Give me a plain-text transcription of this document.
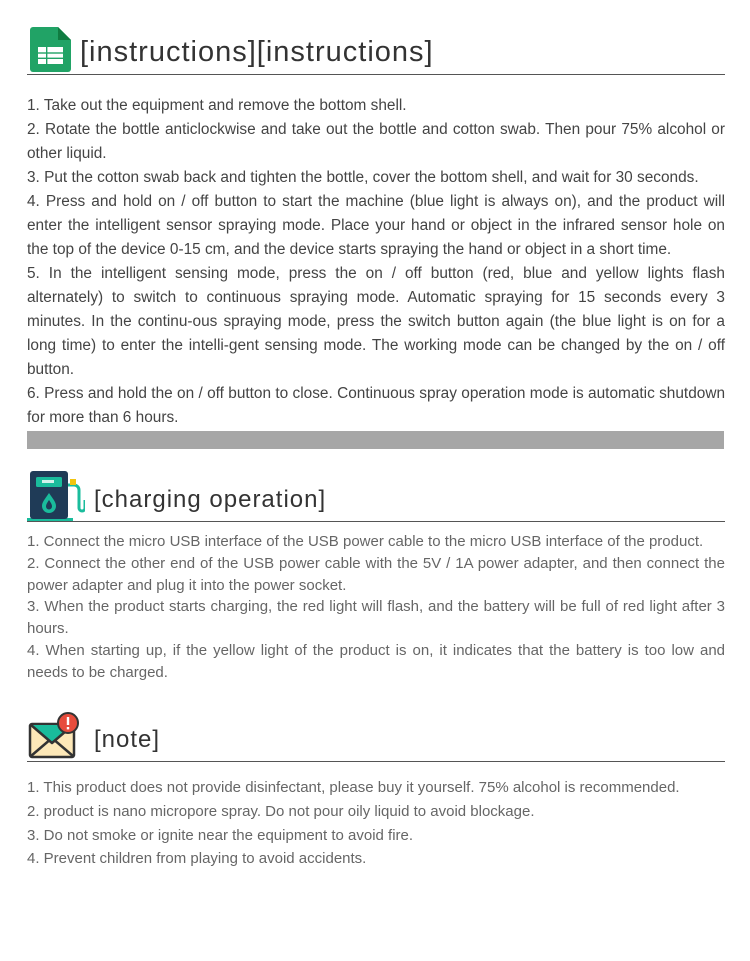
[instructions][instructions]

1. Take out the equipment and remove the bottom shell.

2. Rotate the bottle anticlockwise and take out the bottle and cotton swab. Then pour 75% alcohol or other liquid.

3. Put the cotton swab back and tighten the bottle, cover the bottom shell, and wait for 30 seconds.

4. Press and hold on / off button to start the machine (blue light is always on), and the product will enter the intelligent sensor spraying mode. Place your hand or object in the infrared sensor hole on the top of the device 0-15 cm, and the device starts spraying the hand or object in a short time.

5. In the intelligent sensing mode, press the on / off button (red, blue and yellow lights flash alternately) to switch to continuous spraying mode. Automatic spraying for 15 seconds every 3 minutes. In the continu-ous spraying mode, press the switch button again (the blue light is on for a long time) to enter the intelli-gent sensing mode. The working mode can be changed by the on / off button.

6. Press and hold the on / off button to close. Continuous spray operation mode is automatic shutdown for more than 6 hours.

[charging operation]

1. Connect the micro USB interface of the USB power cable to the micro USB interface of the product.

2. Connect the other end of the USB power cable with the 5V / 1A power adapter, and then connect the power adapter and plug it into the power socket.

3. When the product starts charging, the red light will flash, and the battery will be full of red light after 3 hours.

4. When starting up, if the yellow light of the product is on, it indicates that the battery is too low and needs to be charged.

[note]

1. This product does not provide disinfectant, please buy it yourself. 75% alcohol is recommended.

2. product is nano micropore spray. Do not pour oily liquid to avoid blockage.

3. Do not smoke or ignite near the equipment to avoid fire.

4. Prevent children from playing to avoid accidents.
